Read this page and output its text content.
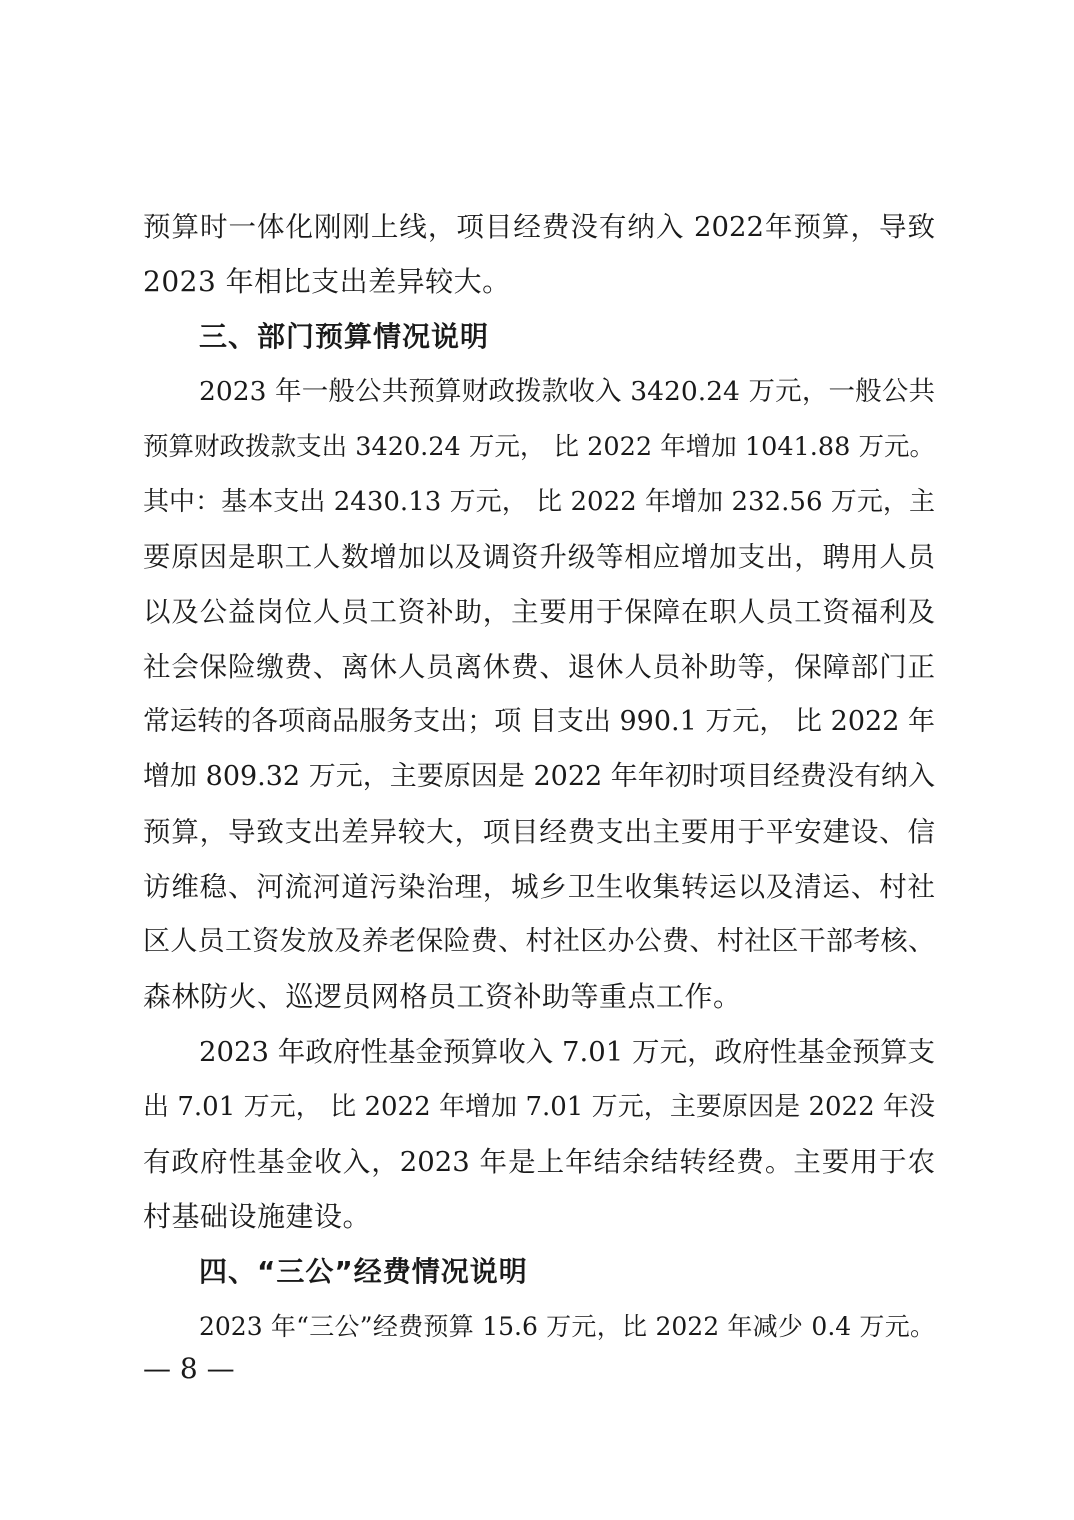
预算时一体化刚刚上线，项目经费没有纳入 2022年预算，导致
2023 年相比支出差异较大。
三、部门预算情况说明
2023 年一般公共预算财政拨款收入 3420.24 万元，一般公共
预算财政拨款支出 3420.24 万元， 比 2022 年增加 1041.88 万元。
其中：基本支出 2430.13 万元， 比 2022 年增加 232.56 万元，主
要原因是职工人数增加以及调资升级等相应增加支出，聘用人员
以及公益岗位人员工资补助，主要用于保障在职人员工资福利及
社会保险缴费、离休人员离休费、退休人员补助等，保障部门正
常运转的各项商品服务支出；项 目支出 990.1 万元， 比 2022 年
增加 809.32 万元，主要原因是 2022 年年初时项目经费没有纳入
预算，导致支出差异较大，项目经费支出主要用于平安建设、信
访维稳、河流河道污染治理，城乡卫生收集转运以及清运、村社
区人员工资发放及养老保险费、村社区办公费、村社区干部考核、
森林防火、巡逻员网格员工资补助等重点工作。
2023 年政府性基金预算收入 7.01 万元，政府性基金预算支
出 7.01 万元， 比 2022 年增加 7.01 万元，主要原因是 2022 年没
有政府性基金收入，2023 年是上年结余结转经费。主要用于农
村基础设施建设。
四、“三公”经费情况说明
2023 年“三公”经费预算 15.6 万元，比 2022 年减少 0.4 万元。
— 8 —
